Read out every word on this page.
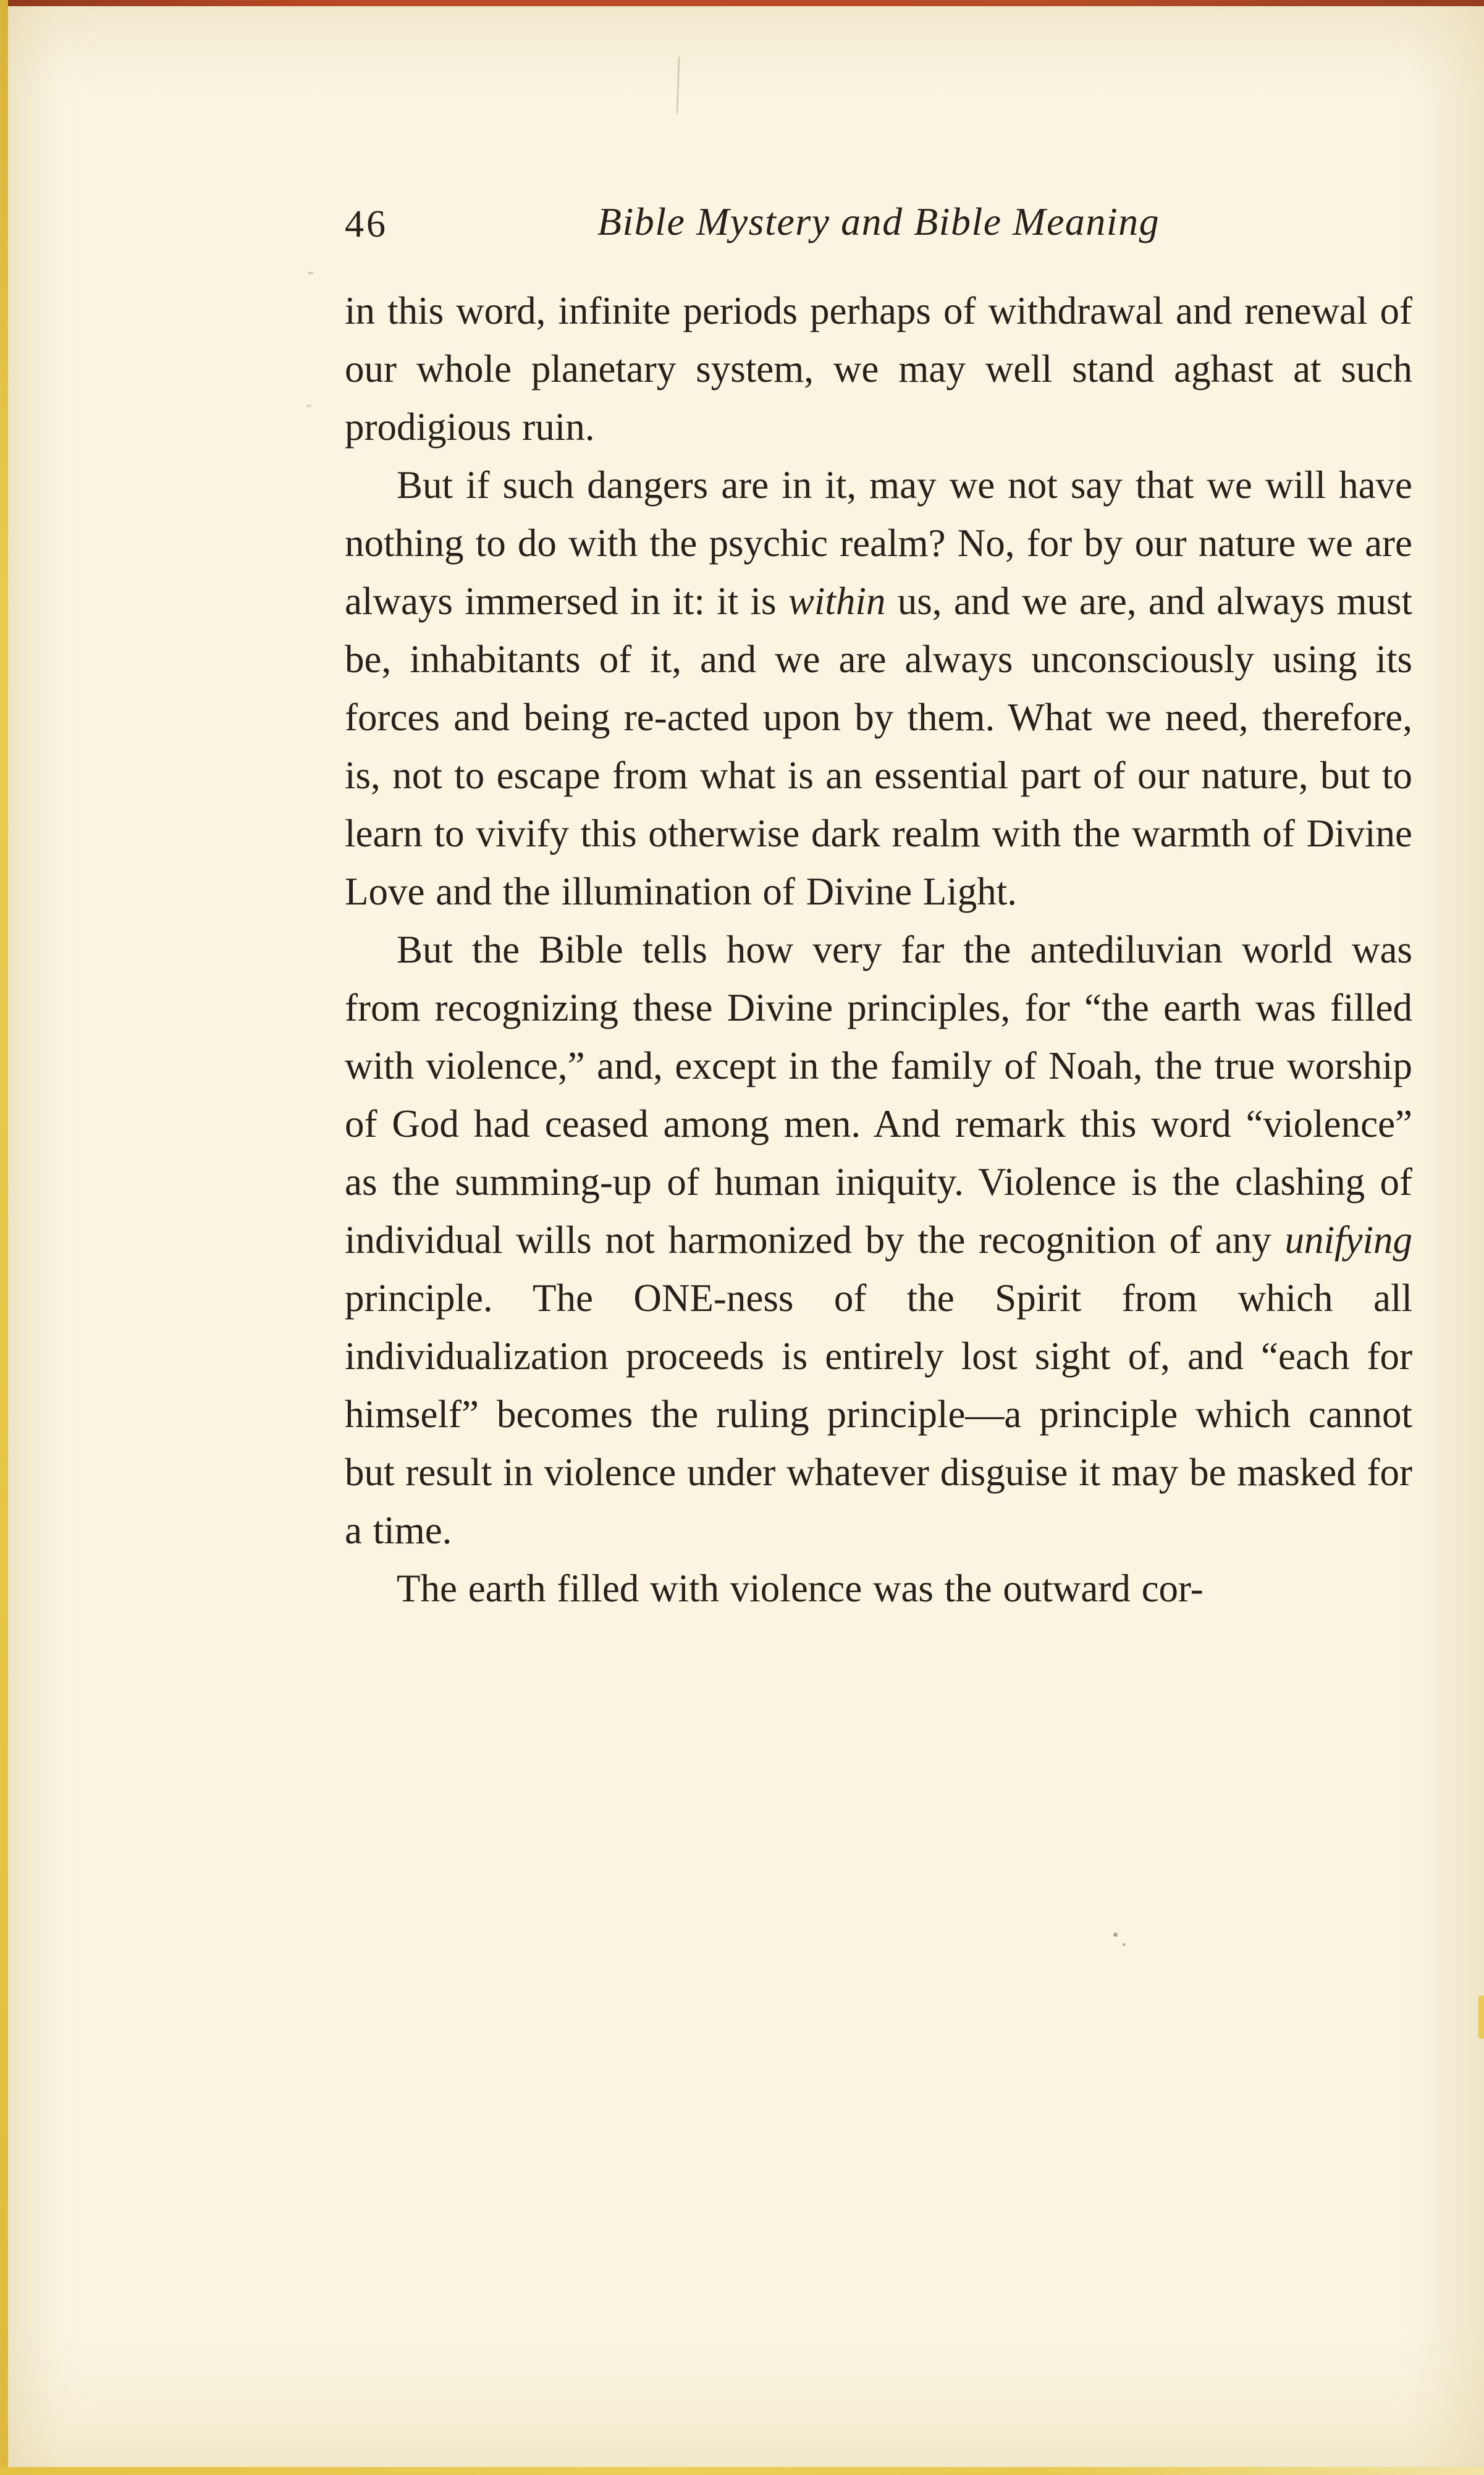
46	Bible Mystery and Bible Meaning

in this word, infinite periods perhaps of withdrawal and renewal of our whole planetary system, we may well stand aghast at such prodigious ruin.

But if such dangers are in it, may we not say that we will have nothing to do with the psychic realm? No, for by our nature we are always immersed in it: it is within us, and we are, and always must be, inhabitants of it, and we are always unconsciously using its forces and being re-acted upon by them. What we need, therefore, is, not to escape from what is an essential part of our nature, but to learn to vivify this otherwise dark realm with the warmth of Divine Love and the illumination of Divine Light.

But the Bible tells how very far the antediluvian world was from recognizing these Divine principles, for “the earth was filled with violence,” and, except in the family of Noah, the true worship of God had ceased among men. And remark this word “violence” as the summing-up of human iniquity. Violence is the clashing of individual wills not harmonized by the recognition of any unifying principle. The ONE-ness of the Spirit from which all individualization proceeds is entirely lost sight of, and “each for himself” becomes the ruling principle—a principle which cannot but result in violence under whatever disguise it may be masked for a time.

The earth filled with violence was the outward cor-
